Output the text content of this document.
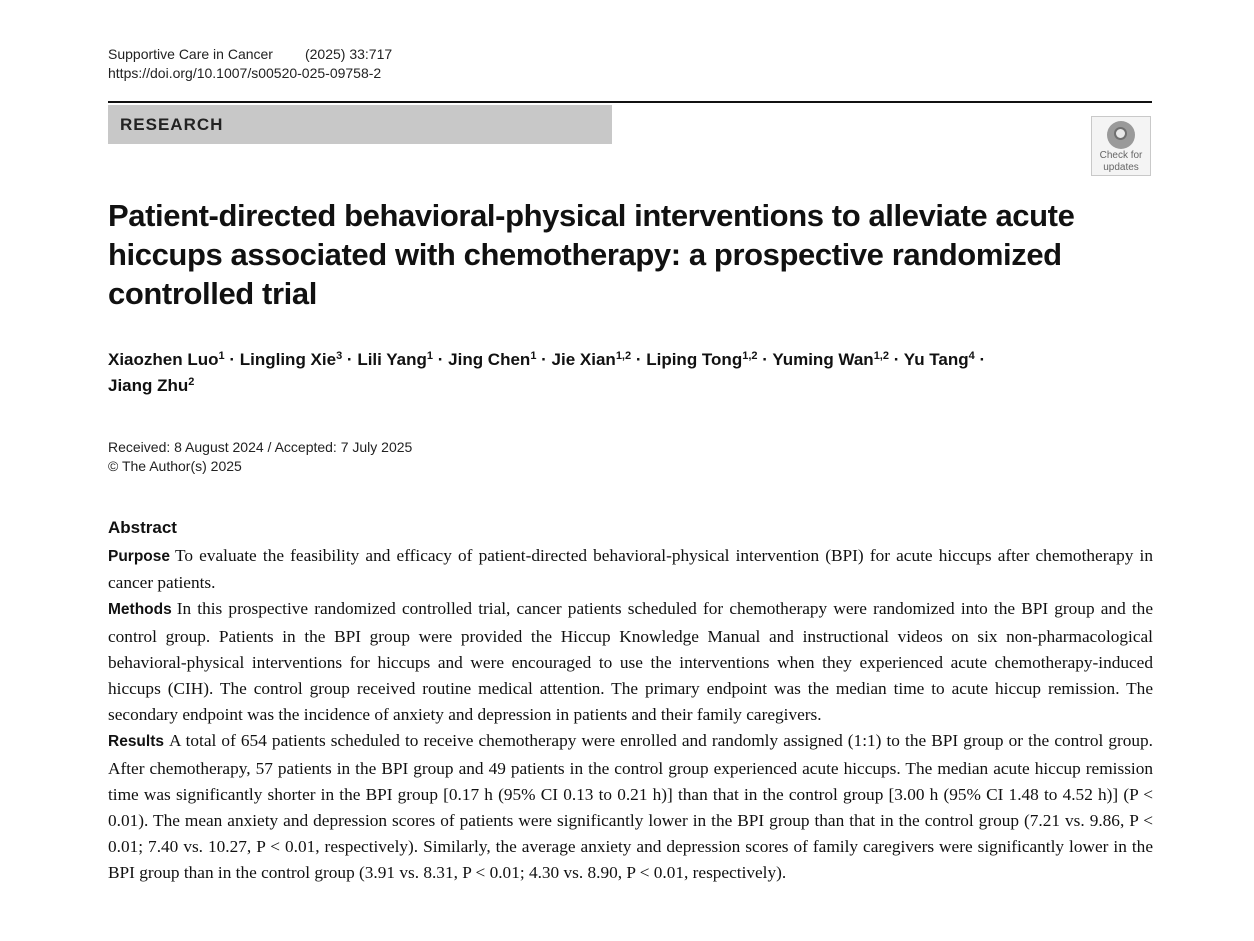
Supportive Care in Cancer (2025) 33:717
https://doi.org/10.1007/s00520-025-09758-2
RESEARCH
Check for
updates
Patient-directed behavioral-physical interventions to alleviate acute hiccups associated with chemotherapy: a prospective randomized controlled trial
Xiaozhen Luo$^1$ · Lingling Xie$^3$ · Lili Yang$^1$ · Jing Chen$^1$ · Jie Xian$^{1,2}$ · Liping Tong$^{1,2}$ · Yuming Wan$^{1,2}$ · Yu Tang$^4$ ·
Jiang Zhu$^2$
Received: 8 August 2024 / Accepted: 7 July 2025
© The Author(s) 2025
Abstract

Purpose To evaluate the feasibility and efficacy of patient-directed behavioral-physical intervention (BPI) for acute hiccups after chemotherapy in cancer patients.

Methods In this prospective randomized controlled trial, cancer patients scheduled for chemotherapy were randomized into the BPI group and the control group. Patients in the BPI group were provided the Hiccup Knowledge Manual and instructional videos on six non-pharmacological behavioral-physical interventions for hiccups and were encouraged to use the interventions when they experienced acute chemotherapy-induced hiccups (CIH). The control group received routine medical attention. The primary endpoint was the median time to acute hiccup remission. The secondary endpoint was the incidence of anxiety and depression in patients and their family caregivers.

Results A total of 654 patients scheduled to receive chemotherapy were enrolled and randomly assigned (1:1) to the BPI group or the control group. After chemotherapy, 57 patients in the BPI group and 49 patients in the control group experienced acute hiccups. The median acute hiccup remission time was significantly shorter in the BPI group [0.17 h (95% CI 0.13 to 0.21 h)] than that in the control group [3.00 h (95% CI 1.48 to 4.52 h)] (P < 0.01). The mean anxiety and depression scores of patients were significantly lower in the BPI group than that in the control group (7.21 vs. 9.86, P < 0.01; 7.40 vs. 10.27, P < 0.01, respectively). Similarly, the average anxiety and depression scores of family caregivers were significantly lower in the BPI group than in the control group (3.91 vs. 8.31, P < 0.01; 4.30 vs. 8.90, P < 0.01, respectively).
